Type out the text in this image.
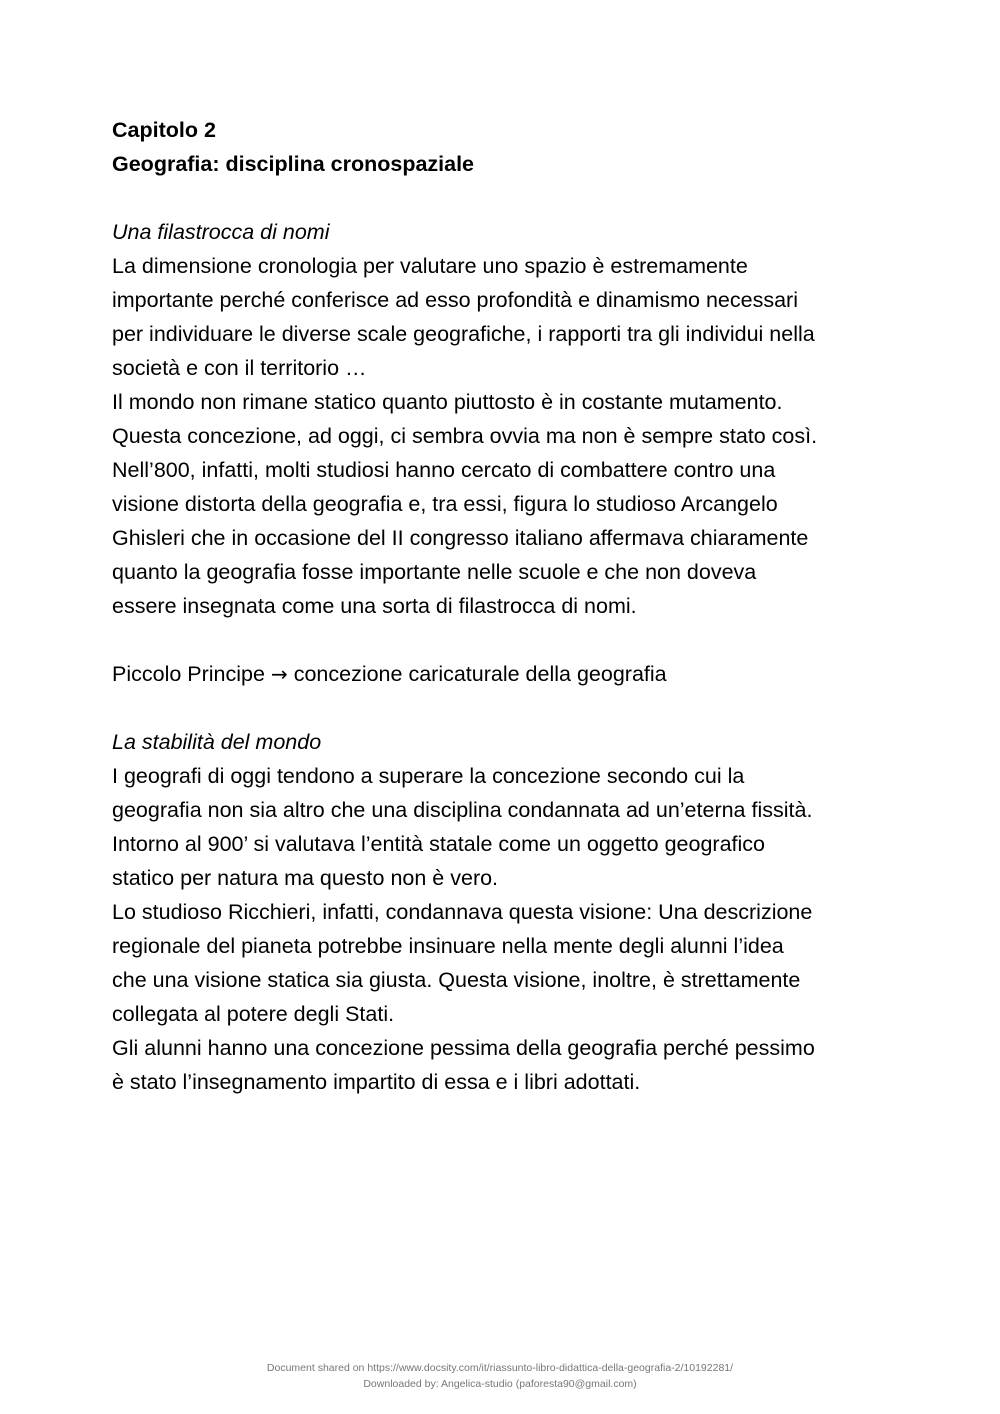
Capitolo 2
Geografia: disciplina cronospaziale
Una filastrocca di nomi
La dimensione cronologia per valutare uno spazio è estremamente
importante perché conferisce ad esso profondità e dinamismo necessari
per individuare le diverse scale geografiche, i rapporti tra gli individui nella
società e con il territorio …
Il mondo non rimane statico quanto piuttosto è in costante mutamento.
Questa concezione, ad oggi, ci sembra ovvia ma non è sempre stato così.
Nell’800, infatti, molti studiosi hanno cercato di combattere contro una
visione distorta della geografia e, tra essi, figura lo studioso Arcangelo
Ghisleri che in occasione del II congresso italiano affermava chiaramente
quanto la geografia fosse importante nelle scuole e che non doveva
essere insegnata come una sorta di filastrocca di nomi.
Piccolo Principe → concezione caricaturale della geografia
La stabilità del mondo
I geografi di oggi tendono a superare la concezione secondo cui la
geografia non sia altro che una disciplina condannata ad un’eterna fissità.
Intorno al 900’ si valutava l’entità statale come un oggetto geografico
statico per natura ma questo non è vero.
Lo studioso Ricchieri, infatti, condannava questa visione: Una descrizione
regionale del pianeta potrebbe insinuare nella mente degli alunni l’idea
che una visione statica sia giusta. Questa visione, inoltre, è strettamente
collegata al potere degli Stati.
Gli alunni hanno una concezione pessima della geografia perché pessimo
è stato l’insegnamento impartito di essa e i libri adottati.
Document shared on https://www.docsity.com/it/riassunto-libro-didattica-della-geografia-2/10192281/
Downloaded by: Angelica-studio (paforesta90@gmail.com)
